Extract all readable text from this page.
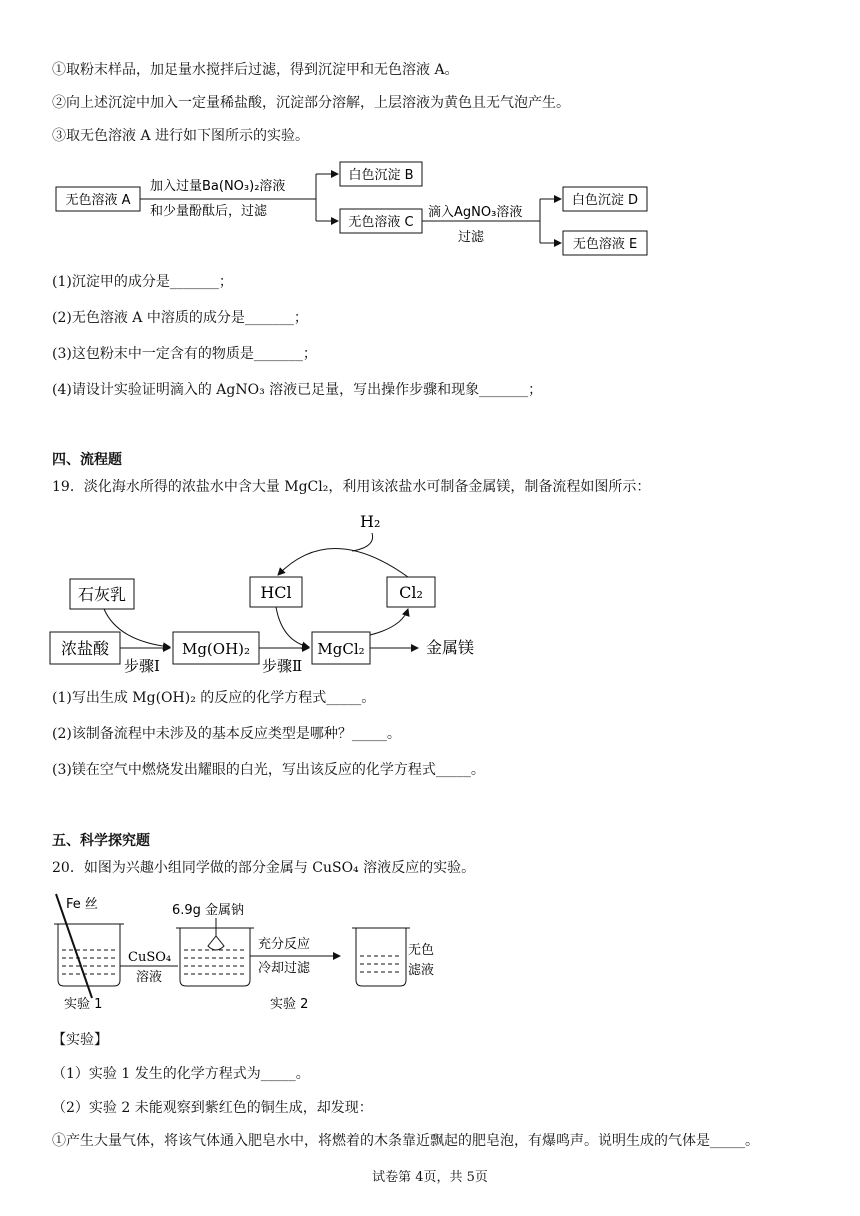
①取粉末样品，加足量水搅拌后过滤，得到沉淀甲和无色溶液 A。
②向上述沉淀中加入一定量稀盐酸，沉淀部分溶解，上层溶液为黄色且无气泡产生。
③取无色溶液 A 进行如下图所示的实验。
无色溶液 A
加入过量Ba(NO₃)₂溶液
和少量酚酞后，过滤
白色沉淀 B
无色溶液 C
滴入AgNO₃溶液
过滤
白色沉淀 D
无色溶液 E
(1)沉淀甲的成分是_______；
(2)无色溶液 A 中溶质的成分是_______；
(3)这包粉末中一定含有的物质是_______；
(4)请设计实验证明滴入的 AgNO₃ 溶液已足量，写出操作步骤和现象_______；
四、流程题
19．淡化海水所得的浓盐水中含大量 MgCl₂，利用该浓盐水可制备金属镁，制备流程如图所示：
H₂
石灰乳	HCl	Cl₂
浓盐酸	Mg(OH)₂	MgCl₂	金属镁
步骤Ⅰ	步骤Ⅱ
(1)写出生成 Mg(OH)₂ 的反应的化学方程式_____。
(2)该制备流程中未涉及的基本反应类型是哪种？_____。
(3)镁在空气中燃烧发出耀眼的白光，写出该反应的化学方程式_____。
五、科学探究题
20．如图为兴趣小组同学做的部分金属与 CuSO₄ 溶液反应的实验。
Fe 丝
CuSO₄
溶液
6.9g 金属钠
充分反应
冷却过滤
无色
滤液
实验 1	实验 2
【实验】
（1）实验 1 发生的化学方程式为_____。
（2）实验 2 未能观察到紫红色的铜生成，却发现：
①产生大量气体，将该气体通入肥皂水中，将燃着的木条靠近飘起的肥皂泡，有爆鸣声。说明生成的气体是_____。
试卷第 4页，共 5页
